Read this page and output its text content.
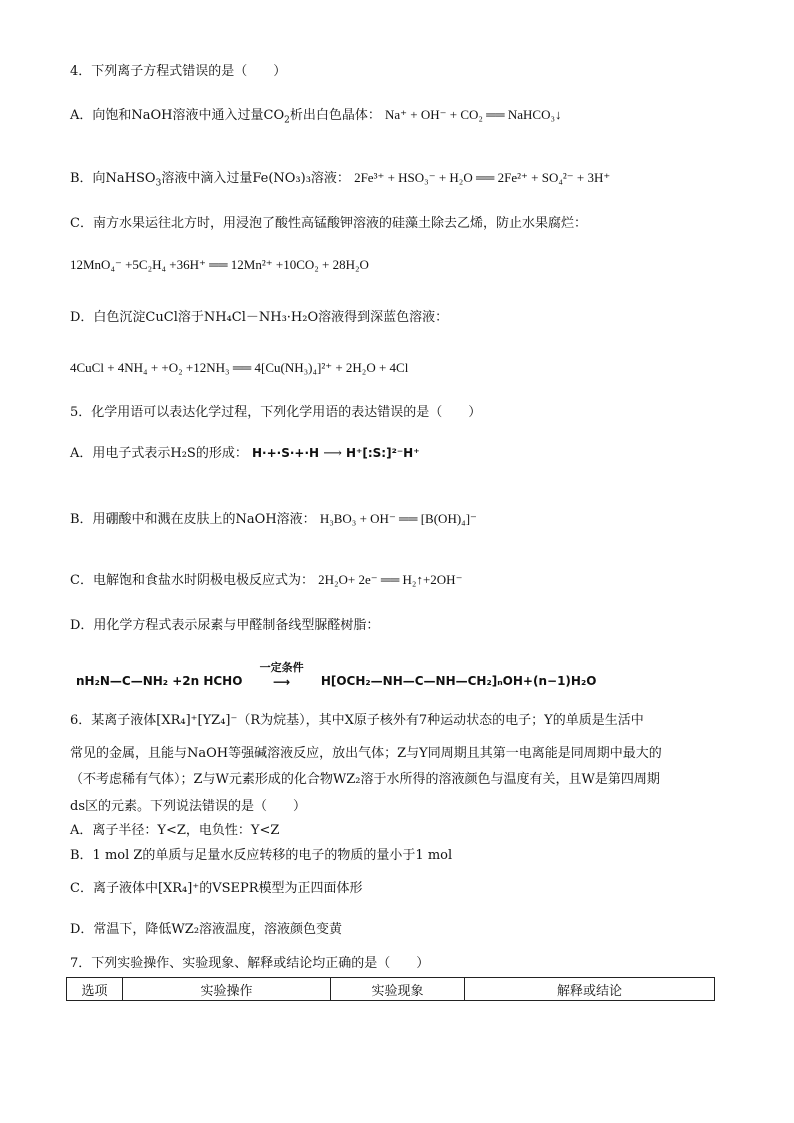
4．下列离子方程式错误的是（　　）
A．向饱和NaOH溶液中通入过量$CO_2$析出白色晶体： Na⁺ + OH⁻ + CO₂ ══ NaHCO₃↓
B．向NaHSO$_3$溶液中滴入过量Fe(NO₃)₃溶液： 2Fe³⁺ + HSO₃⁻ + H₂O ══ 2Fe²⁺ + SO₄²⁻ + 3H⁺
C．南方水果运往北方时，用浸泡了酸性高锰酸钾溶液的硅藻土除去乙烯，防止水果腐烂：
12MnO₄⁻ +5C₂H₄ +36H⁺ ══ 12Mn²⁺ +10CO₂ + 28H₂O
D．白色沉淀CuCl溶于NH₄Cl－NH₃·H₂O溶液得到深蓝色溶液：
4CuCl + 4NH₄ + +O₂ +12NH₃ ══ 4[Cu(NH₃)₄]²⁺ + 2H₂O + 4Cl
5．化学用语可以表达化学过程，下列化学用语的表达错误的是（　　）
A．用电子式表示H₂S的形成： H·+·S·+·H ⟶ H⁺[:S:]²⁻H⁺
B．用硼酸中和溅在皮肤上的NaOH溶液： H₃BO₃ + OH⁻ ══ [B(OH)₄]⁻
C．电解饱和食盐水时阴极电极反应式为： 2H₂O+ 2e⁻ ══ H₂↑+2OH⁻
D．用化学方程式表示尿素与甲醛制备线型脲醛树脂：
nH₂N—C—NH₂ +2n HCHO
一定条件
⟶	H[OCH₂—NH—C—NH—CH₂]ₙOH+(n−1)H₂O
6．某离子液体[XR₄]⁺[YZ₄]⁻（R为烷基），其中X原子核外有7种运动状态的电子；Y的单质是生活中
常见的金属，且能与NaOH等强碱溶液反应，放出气体；Z与Y同周期且其第一电离能是同周期中最大的
（不考虑稀有气体）；Z与W元素形成的化合物WZ₂溶于水所得的溶液颜色与温度有关，且W是第四周期
ds区的元素。下列说法错误的是（　　）
A．离子半径：Y<Z，电负性：Y<Z
B．1 mol Z的单质与足量水反应转移的电子的物质的量小于1 mol
C．离子液体中[XR₄]⁺的VSEPR模型为正四面体形
D．常温下，降低WZ₂溶液温度，溶液颜色变黄
7．下列实验操作、实验现象、解释或结论均正确的是（　　）
选项	实验操作	实验现象	解释或结论
